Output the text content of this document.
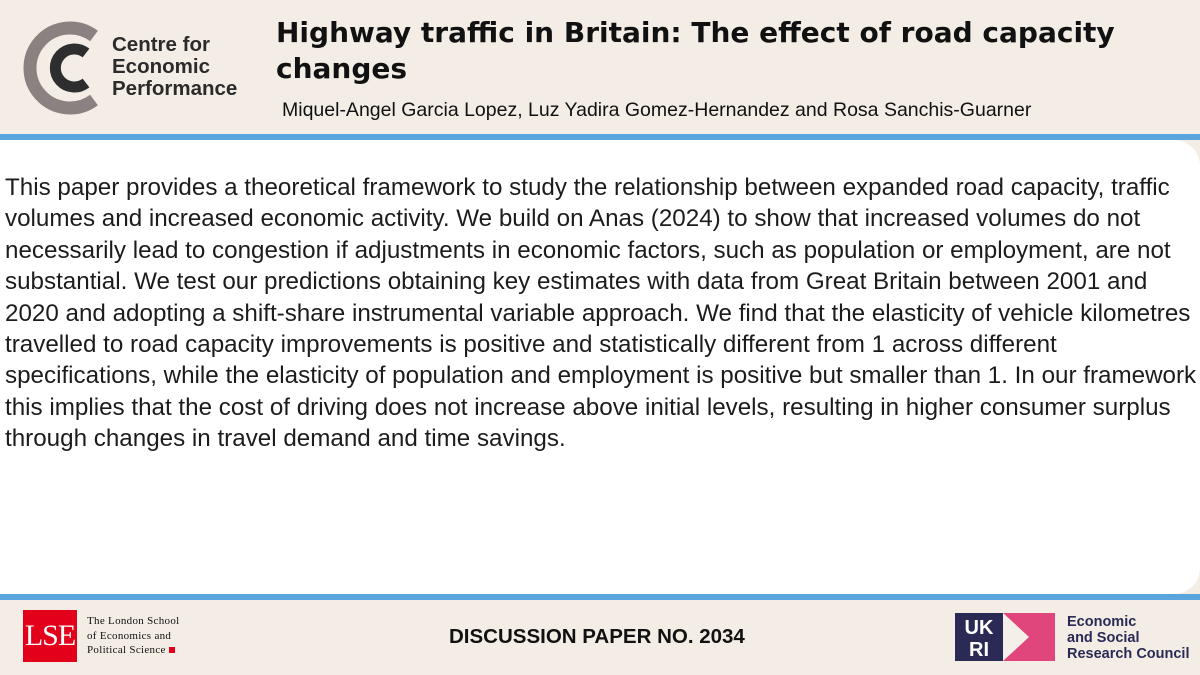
Centre for
Economic
Performance
Highway traffic in Britain: The effect of road capacity changes
Miquel-Angel Garcia Lopez, Luz Yadira Gomez-Hernandez and Rosa Sanchis-Guarner

This paper provides a theoretical framework to study the relationship between expanded road capacity, traffic volumes and increased economic activity. We build on Anas (2024) to show that increased volumes do not necessarily lead to congestion if adjustments in economic factors, such as population or employment, are not substantial. We test our predictions obtaining key estimates with data from Great Britain between 2001 and 2020 and adopting a shift-share instrumental variable approach. We find that the elasticity of vehicle kilometres travelled to road capacity improvements is positive and statistically different from 1 across different specifications, while the elasticity of population and employment is positive but smaller than 1. In our framework this implies that the cost of driving does not increase above initial levels, resulting in higher consumer surplus through changes in travel demand and time savings.

LSE The London School
of Economics and
Political Science
DISCUSSION PAPER NO. 2034	UK
RI
Economic
and Social
Research Council
